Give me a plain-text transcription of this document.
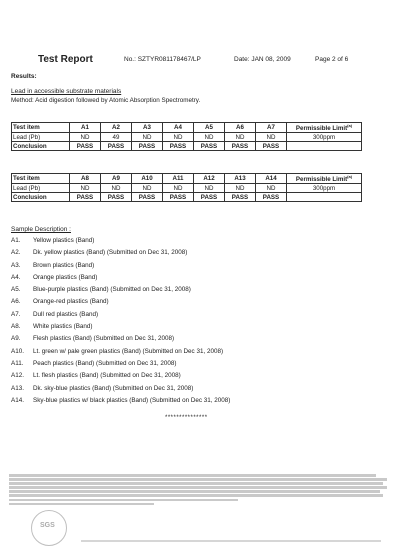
Test Report	No.: SZTYR081178467/LP	Date: JAN 08, 2009	Page 2 of 6
Results:
Lead in accessible substrate materials
Method: Acid digestion followed by Atomic Absorption Spectrometry.
Test item	A1	A2	A3	A4	A5	A6	A7	Permissible Limit$^{(a)}$
Lead (Pb)	ND	49	ND	ND	ND	ND	ND	300ppm
Conclusion	PASS	PASS	PASS	PASS	PASS	PASS	PASS	
Test item	A8	A9	A10	A11	A12	A13	A14	Permissible Limit$^{(a)}$
Lead (Pb)	ND	ND	ND	ND	ND	ND	ND	300ppm
Conclusion	PASS	PASS	PASS	PASS	PASS	PASS	PASS	
Sample Description :
A1. Yellow plastics (Band)
A2. Dk. yellow plastics (Band) (Submitted on Dec 31, 2008)
A3. Brown plastics (Band)
A4. Orange plastics (Band)
A5. Blue-purple plastics (Band) (Submitted on Dec 31, 2008)
A6. Orange-red plastics (Band)
A7. Dull red plastics (Band)
A8. White plastics (Band)
A9. Flesh plastics (Band) (Submitted on Dec 31, 2008)
A10. Lt. green w/ pale green plastics (Band) (Submitted on Dec 31, 2008)
A11. Peach plastics (Band) (Submitted on Dec 31, 2008)
A12. Lt. flesh plastics (Band) (Submitted on Dec 31, 2008)
A13. Dk. sky-blue plastics (Band) (Submitted on Dec 31, 2008)
A14. Sky-blue plastics w/ black plastics (Band) (Submitted on Dec 31, 2008)
***************
SGS
